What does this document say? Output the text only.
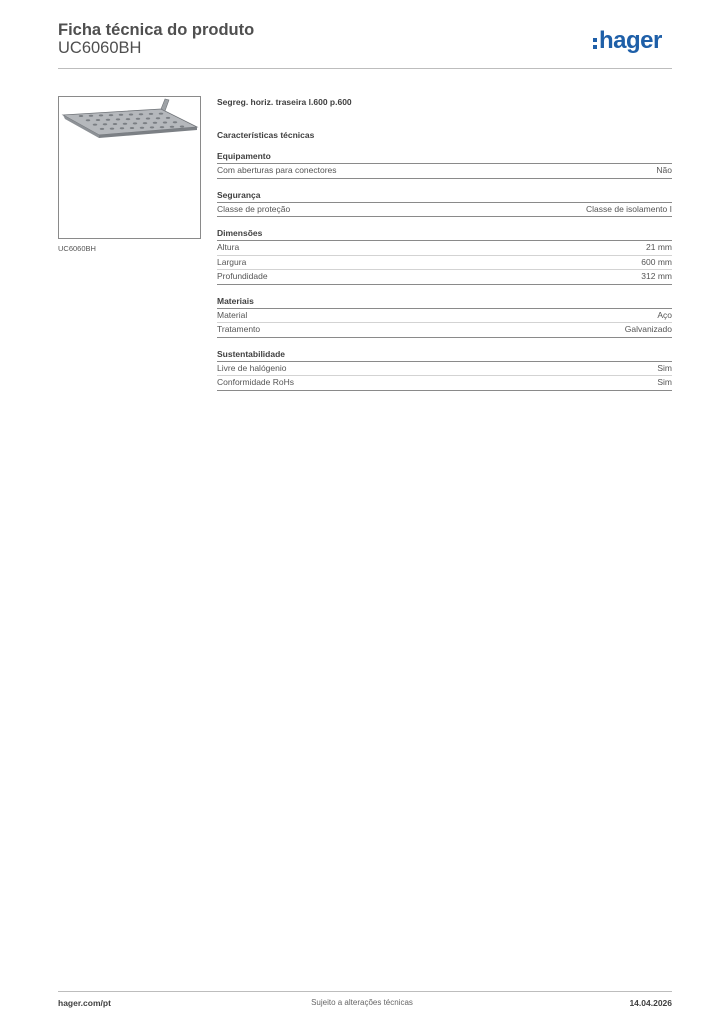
Ficha técnica do produto
UC6060BH	hager
UC6060BH
Segreg. horiz. traseira l.600 p.600
Características técnicas
Equipamento
Com aberturas para conectores	Não
Segurança
Classe de proteção	Classe de isolamento I
Dimensões
Altura	21 mm
Largura	600 mm
Profundidade	312 mm
Materiais
Material	Aço
Tratamento	Galvanizado
Sustentabilidade
Livre de halógenio	Sim
Conformidade RoHs	Sim
hager.com/pt	Sujeito a alterações técnicas	14.04.2026
